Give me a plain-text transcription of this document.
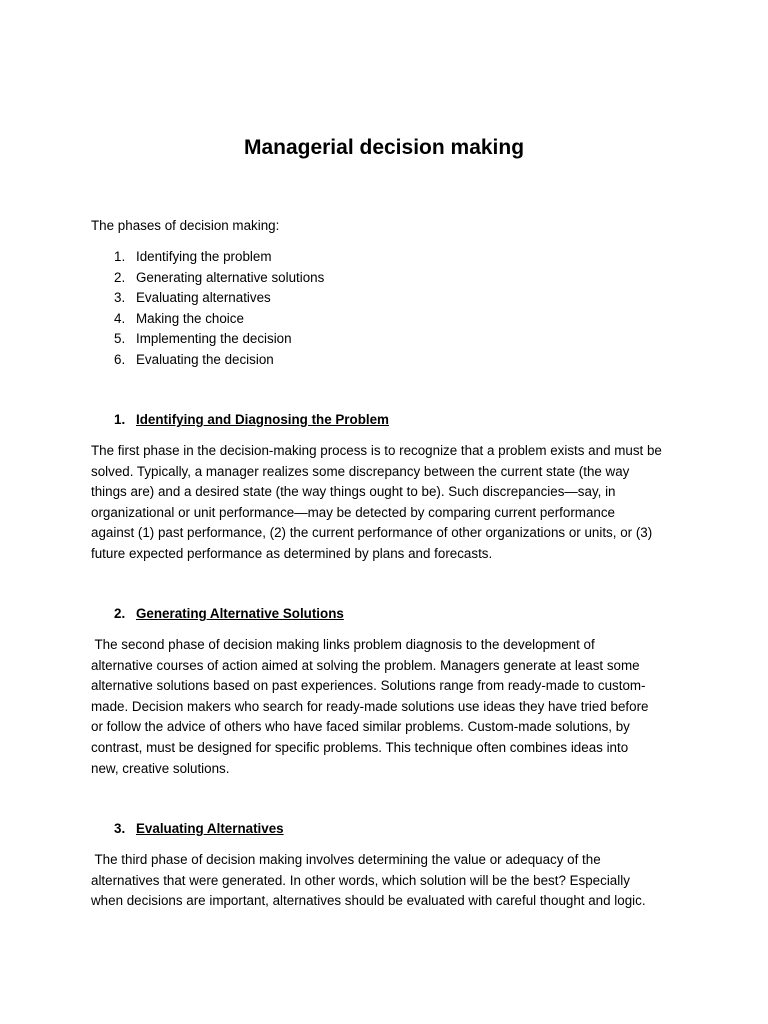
Managerial decision making

The phases of decision making:

1. Identifying the problem
2. Generating alternative solutions
3. Evaluating alternatives
4. Making the choice
5. Implementing the decision
6. Evaluating the decision
1. Identifying and Diagnosing the Problem

The first phase in the decision-making process is to recognize that a problem exists and must be
solved. Typically, a manager realizes some discrepancy between the current state (the way
things are) and a desired state (the way things ought to be). Such discrepancies—say, in
organizational or unit performance—may be detected by comparing current performance
against (1) past performance, (2) the current performance of other organizations or units, or (3)
future expected performance as determined by plans and forecasts.

2. Generating Alternative Solutions

The second phase of decision making links problem diagnosis to the development of
alternative courses of action aimed at solving the problem. Managers generate at least some
alternative solutions based on past experiences. Solutions range from ready-made to custom-
made. Decision makers who search for ready-made solutions use ideas they have tried before
or follow the advice of others who have faced similar problems. Custom-made solutions, by
contrast, must be designed for specific problems. This technique often combines ideas into
new, creative solutions.

3. Evaluating Alternatives

The third phase of decision making involves determining the value or adequacy of the
alternatives that were generated. In other words, which solution will be the best? Especially
when decisions are important, alternatives should be evaluated with careful thought and logic.
